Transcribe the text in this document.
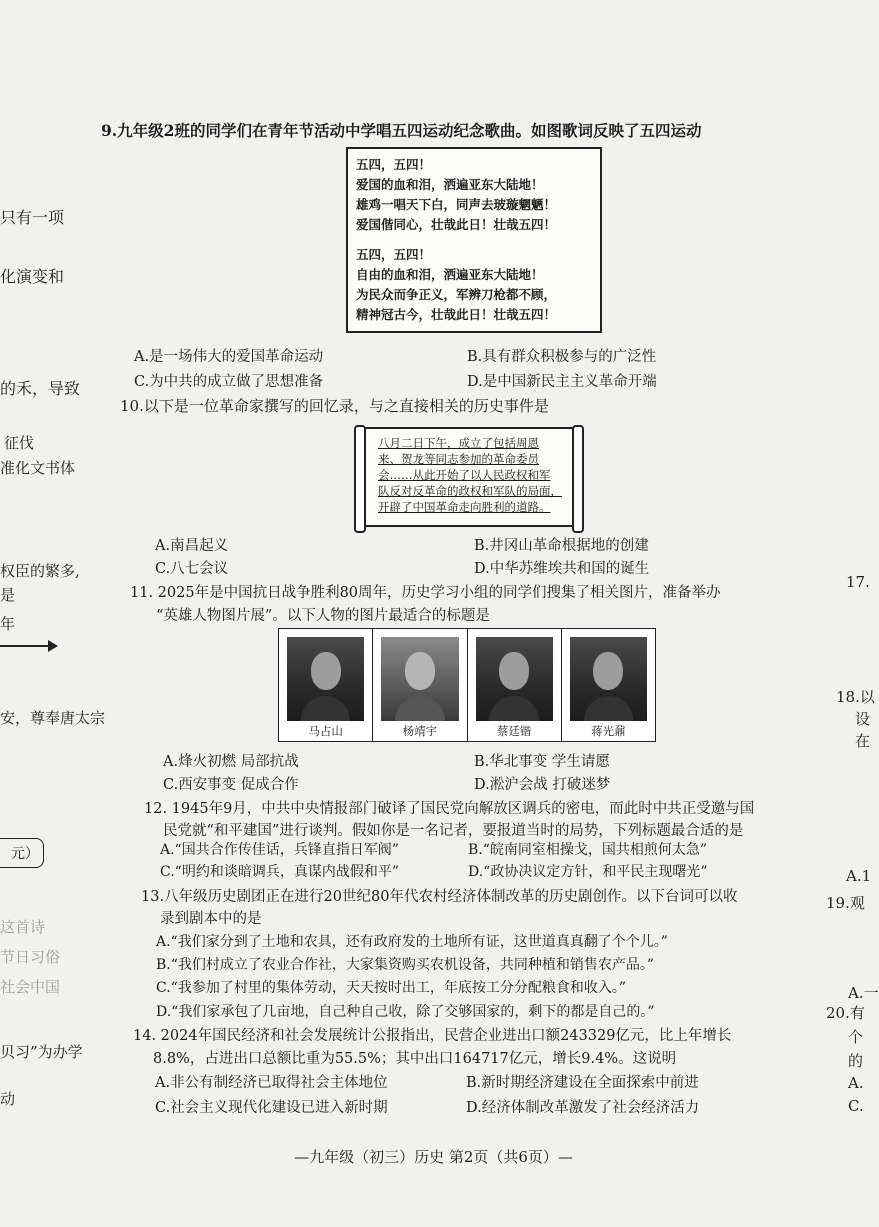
只有一项
化演变和
的禾，导致
征伐
准化文书体
权臣的繁多,
是
年
安，尊奉唐太宗
元）
这首诗
节日习俗
社会中国
贝习”为办学
动
17.
18.以
设
在
A.1
19.观
A.一
20.有
个
的
A.
C.
9.九年级2班的同学们在青年节活动中学唱五四运动纪念歌曲。如图歌词反映了五四运动
五四，五四！
爱国的血和泪，洒遍亚东大陆地！
雄鸡一唱天下白，同声去玻璇魍魉！
爱国偕同心，壮哉此日！壮哉五四！
五四，五四！
自由的血和泪，洒遍亚东大陆地！
为民众而争正义，军辨刀枪都不顾，
精神冠古今，壮哉此日！壮哉五四！
A.是一场伟大的爱国革命运动	B.具有群众积极参与的广泛性
C.为中共的成立做了思想准备	D.是中国新民主主义革命开端
10.以下是一位革命家撰写的回忆录，与之直接相关的历史事件是
八月二日下午，成立了包括周恩
来、贺龙等同志参加的革命委员
会……从此开始了以人民政权和军
队反对反革命的政权和军队的局面，
开辟了中国革命走向胜利的道路。
A.南昌起义	B.井冈山革命根据地的创建
C.八七会议	D.中华苏维埃共和国的诞生
11. 2025年是中国抗日战争胜利80周年，历史学习小组的同学们搜集了相关图片，准备举办
“英雄人物图片展”。以下人物的图片最适合的标题是
马占山	杨靖宇	蔡廷锴	蒋光鼐
A.烽火初燃 局部抗战	B.华北事变 学生请愿
C.西安事变 促成合作	D.淞沪会战 打破迷梦
12. 1945年9月，中共中央情报部门破译了国民党向解放区调兵的密电，而此时中共正受邀与国
民党就“和平建国”进行谈判。假如你是一名记者，要报道当时的局势，下列标题最合适的是
A.“国共合作传佳话，兵锋直指日军阀”	B.“皖南同室相操戈，国共相煎何太急”
C.“明约和谈暗调兵，真谋内战假和平”	D.“政协决议定方针，和平民主现曙光”
13.八年级历史剧团正在进行20世纪80年代农村经济体制改革的历史剧创作。以下台词可以收
录到剧本中的是
A.“我们家分到了土地和农具，还有政府发的土地所有证，这世道真真翻了个个儿。”
B.“我们村成立了农业合作社，大家集资购买农机设备，共同种植和销售农产品。”
C.“我参加了村里的集体劳动，天天按时出工，年底按工分分配粮食和收入。”
D.“我们家承包了几亩地，自己种自己收，除了交够国家的，剩下的都是自己的。”
14. 2024年国民经济和社会发展统计公报指出，民营企业进出口额243329亿元，比上年增长
8.8%，占进出口总额比重为55.5%；其中出口164717亿元，增长9.4%。这说明
A.非公有制经济已取得社会主体地位	B.新时期经济建设在全面探索中前进
C.社会主义现代化建设已进入新时期	D.经济体制改革激发了社会经济活力
—九年级（初三）历史 第2页（共6页）—
